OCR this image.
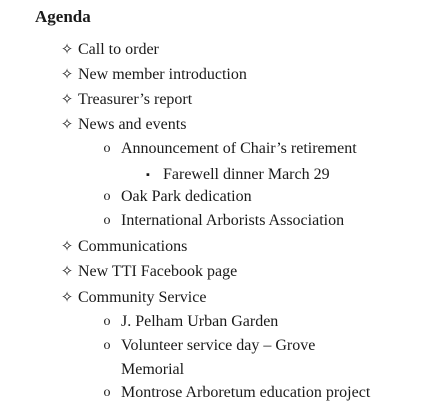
Agenda
✧ Call to order
✧ New member introduction
✧ Treasurer’s report
✧ News and events
o Announcement of Chair’s retirement
▪ Farewell dinner March 29
o Oak Park dedication
o International Arborists Association
✧ Communications
✧ New TTI Facebook page
✧ Community Service
o J. Pelham Urban Garden
o Volunteer service day – Grove
Memorial
o Montrose Arboretum education project
